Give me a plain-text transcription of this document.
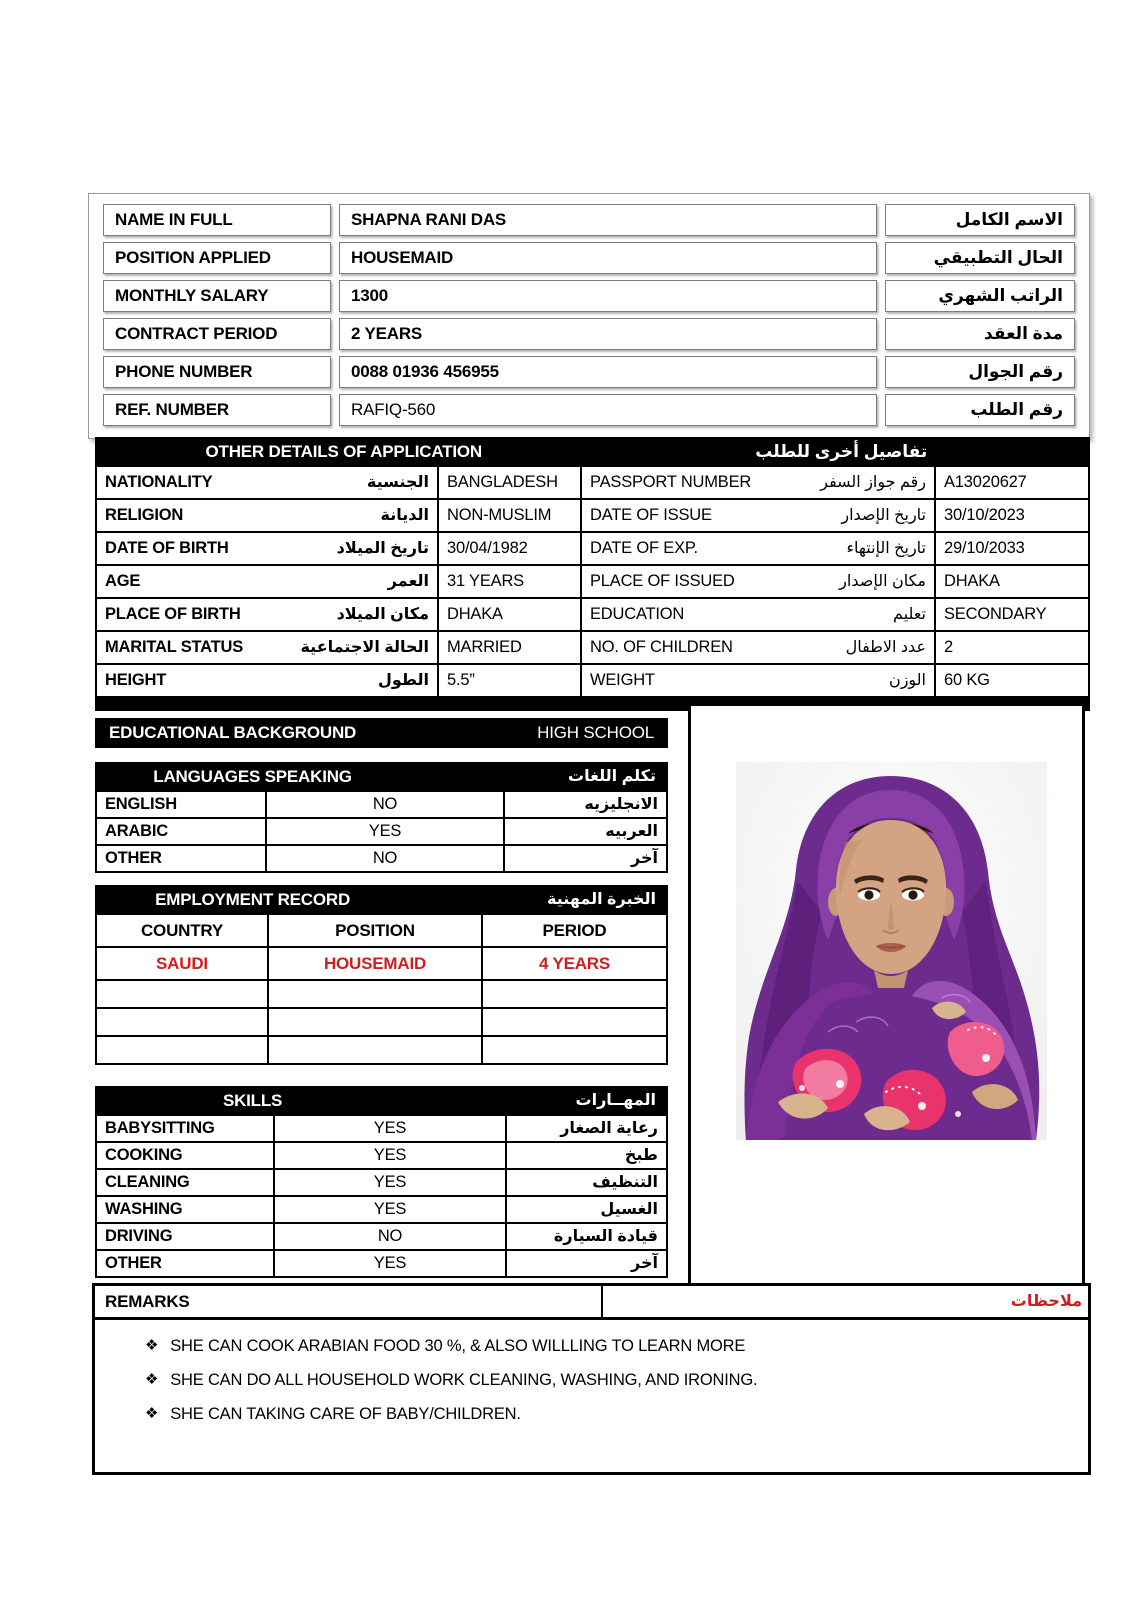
NAME IN FULL	SHAPNA RANI DAS	الاسم الكامل
POSITION APPLIED	HOUSEMAID	الحال التطبيقي
MONTHLY SALARY	1300	الراتب الشهري
CONTRACT PERIOD	2 YEARS	مدة العقد
PHONE NUMBER	0088 01936 456955	رقم الجوال
REF. NUMBER	RAFIQ-560	رقم الطلب
OTHER DETAILS OF APPLICATION	تفاصيل أخرى للطلب
NATIONALITY	الجنسية	BANGLADESH	PASSPORT NUMBER	رقم جواز السفر	A13020627
RELIGION	الديانة	NON-MUSLIM	DATE OF ISSUE	تاريخ الإصدار	30/10/2023
DATE OF BIRTH	تاريخ الميلاد	30/04/1982	DATE OF EXP.	تاريخ الإنتهاء	29/10/2033
AGE	العمر	31 YEARS	PLACE OF ISSUED	مكان الإصدار	DHAKA
PLACE OF BIRTH	مكان الميلاد	DHAKA	EDUCATION	تعليم	SECONDARY
MARITAL STATUS	الحالة الاجتماعية	MARRIED	NO. OF CHILDREN	عدد الاطفال	2
HEIGHT	الطول	5.5”	WEIGHT	الوزن	60 KG
EDUCATIONAL BACKGROUND	HIGH SCHOOL
LANGUAGES SPEAKING	تكلم اللغات
ENGLISH	NO	الانجليزيه
ARABIC	YES	العربيه
OTHER	NO	آخر
EMPLOYMENT RECORD	الخبرة المهنية
COUNTRY	POSITION	PERIOD
SAUDI	HOUSEMAID	4 YEARS
SKILLS	المهــارات
BABYSITTING	YES	رعاية الصغار
COOKING	YES	طبخ
CLEANING	YES	التنظيف
WASHING	YES	الغسيل
DRIVING	NO	قيادة السيارة
OTHER	YES	آخر
REMARKS	ملاحظات
❖ SHE CAN COOK ARABIAN FOOD 30 %, & ALSO WILLLING TO LEARN MORE
❖ SHE CAN DO ALL HOUSEHOLD WORK CLEANING, WASHING, AND IRONING.
❖ SHE CAN TAKING CARE OF BABY/CHILDREN.
